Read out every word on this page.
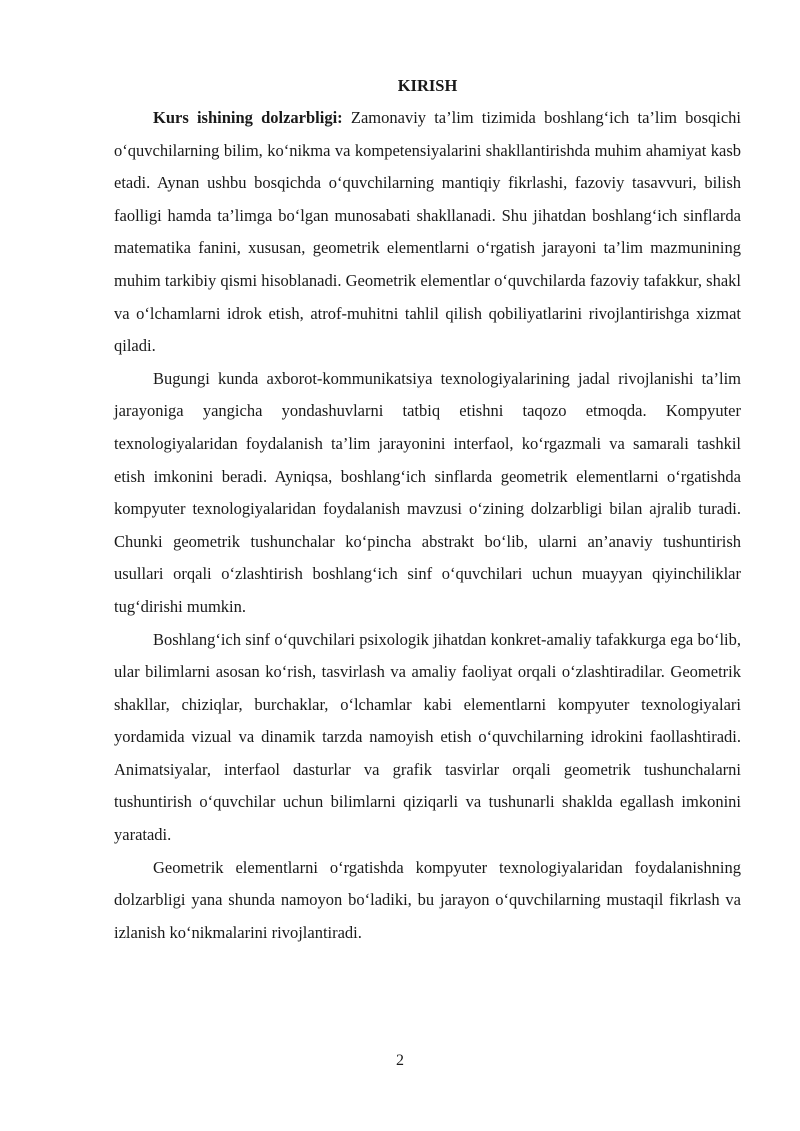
KIRISH

Kurs ishining dolzarbligi: Zamonaviy ta’lim tizimida boshlang‘ich ta’lim bosqichi o‘quvchilarning bilim, ko‘nikma va kompetensiyalarini shakllantirishda muhim ahamiyat kasb etadi. Aynan ushbu bosqichda o‘quvchilarning mantiqiy fikrlashi, fazoviy tasavvuri, bilish faolligi hamda ta’limga bo‘lgan munosabati shakllanadi. Shu jihatdan boshlang‘ich sinflarda matematika fanini, xususan, geometrik elementlarni o‘rgatish jarayoni ta’lim mazmunining muhim tarkibiy qismi hisoblanadi. Geometrik elementlar o‘quvchilarda fazoviy tafakkur, shakl va o‘lchamlarni idrok etish, atrof-muhitni tahlil qilish qobiliyatlarini rivojlantirishga xizmat qiladi.

Bugungi kunda axborot-kommunikatsiya texnologiyalarining jadal rivojlanishi ta’lim jarayoniga yangicha yondashuvlarni tatbiq etishni taqozo etmoqda. Kompyuter texnologiyalaridan foydalanish ta’lim jarayonini interfaol, ko‘rgazmali va samarali tashkil etish imkonini beradi. Ayniqsa, boshlang‘ich sinflarda geometrik elementlarni o‘rgatishda kompyuter texnologiyalaridan foydalanish mavzusi o‘zining dolzarbligi bilan ajralib turadi. Chunki geometrik tushunchalar ko‘pincha abstrakt bo‘lib, ularni an’anaviy tushuntirish usullari orqali o‘zlashtirish boshlang‘ich sinf o‘quvchilari uchun muayyan qiyinchiliklar tug‘dirishi mumkin.

Boshlang‘ich sinf o‘quvchilari psixologik jihatdan konkret-amaliy tafakkurga ega bo‘lib, ular bilimlarni asosan ko‘rish, tasvirlash va amaliy faoliyat orqali o‘zlashtiradilar. Geometrik shakllar, chiziqlar, burchaklar, o‘lchamlar kabi elementlarni kompyuter texnologiyalari yordamida vizual va dinamik tarzda namoyish etish o‘quvchilarning idrokini faollashtiradi. Animatsiyalar, interfaol dasturlar va grafik tasvirlar orqali geometrik tushunchalarni tushuntirish o‘quvchilar uchun bilimlarni qiziqarli va tushunarli shaklda egallash imkonini yaratadi.

Geometrik elementlarni o‘rgatishda kompyuter texnologiyalaridan foydalanishning dolzarbligi yana shunda namoyon bo‘ladiki, bu jarayon o‘quvchilarning mustaqil fikrlash va izlanish ko‘nikmalarini rivojlantiradi.

2
